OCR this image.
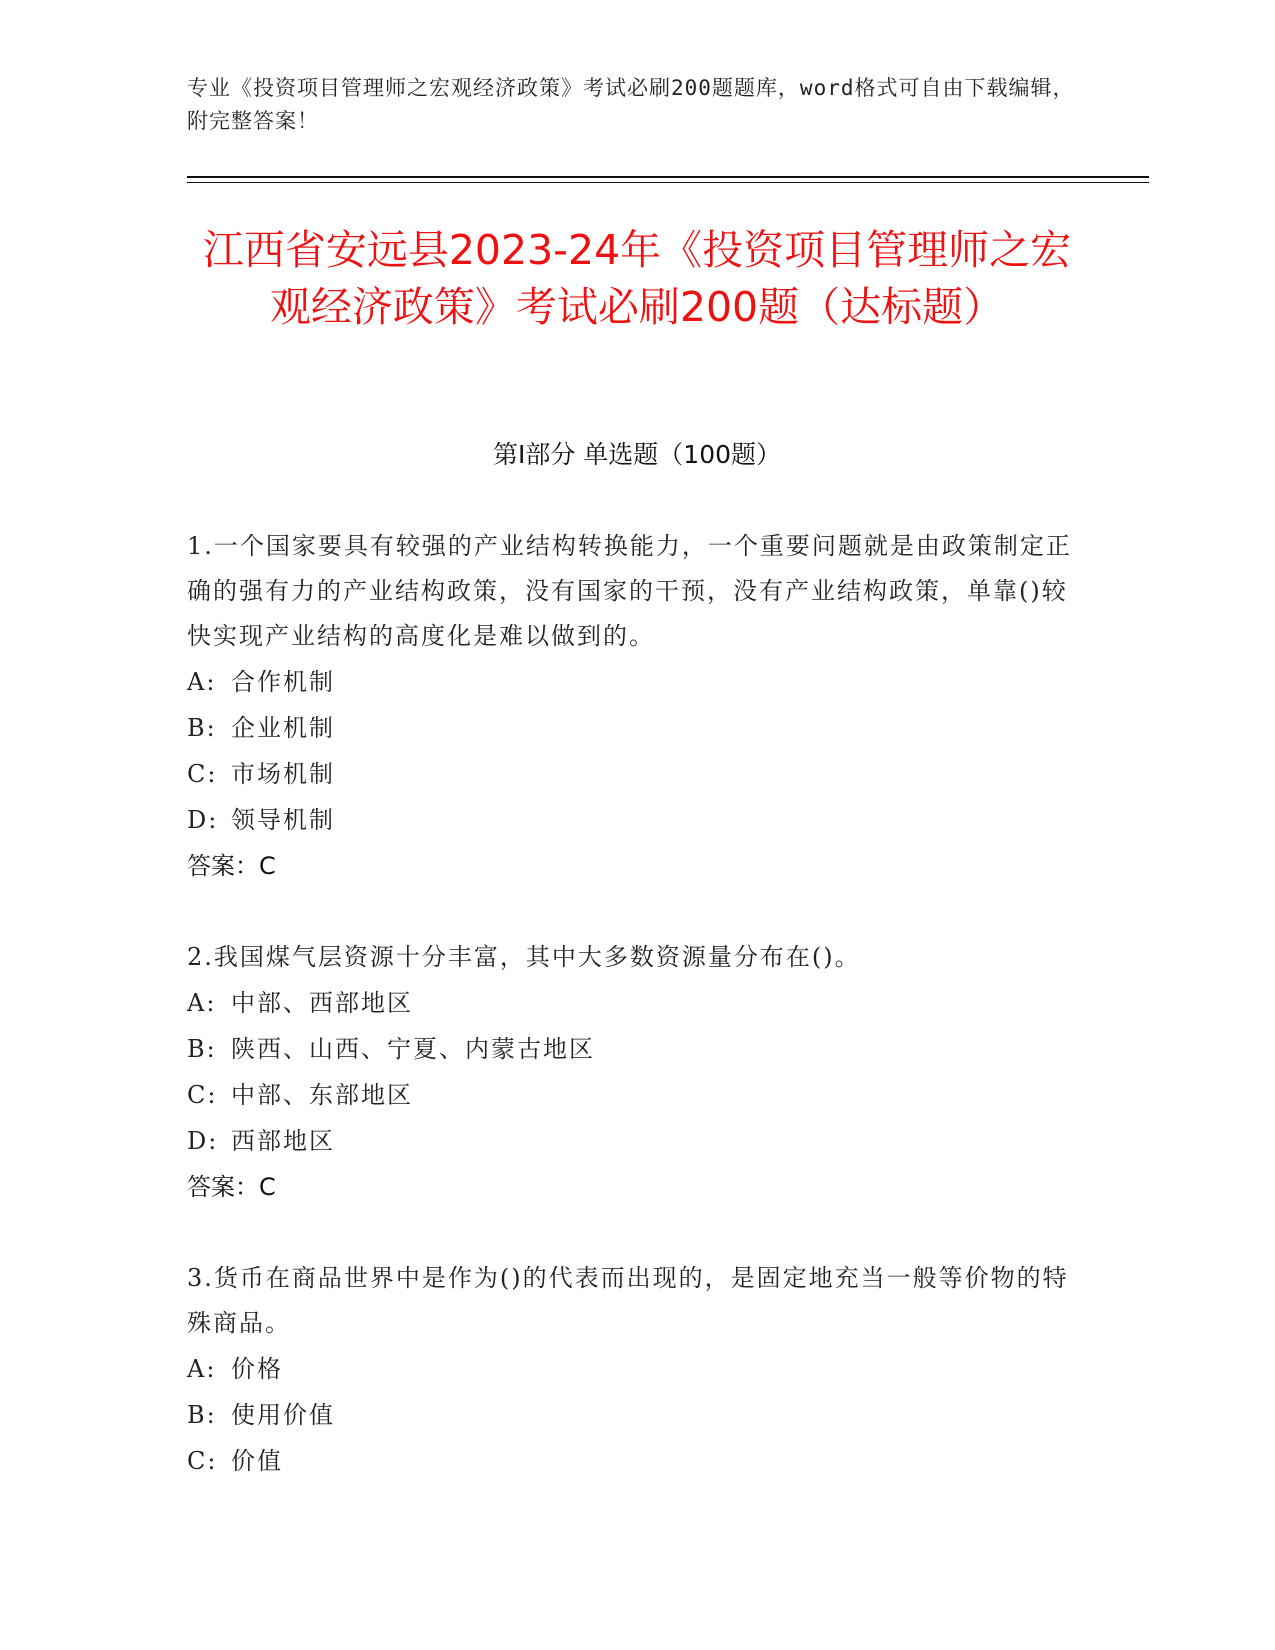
专业《投资项目管理师之宏观经济政策》考试必刷200题题库，word格式可自由下载编辑，附完整答案！
江西省安远县2023-24年《投资项目管理师之宏观经济政策》考试必刷200题（达标题）
第Ⅰ部分 单选题（100题）
1.一个国家要具有较强的产业结构转换能力，一个重要问题就是由政策制定正确的强有力的产业结构政策，没有国家的干预，没有产业结构政策，单靠()较快实现产业结构的高度化是难以做到的。
A: 合作机制
B: 企业机制
C: 市场机制
D: 领导机制
答案：C
2.我国煤气层资源十分丰富，其中大多数资源量分布在()。
A: 中部、西部地区
B: 陕西、山西、宁夏、内蒙古地区
C: 中部、东部地区
D: 西部地区
答案：C
3.货币在商品世界中是作为()的代表而出现的，是固定地充当一般等价物的特殊商品。
A: 价格
B: 使用价值
C: 价值
